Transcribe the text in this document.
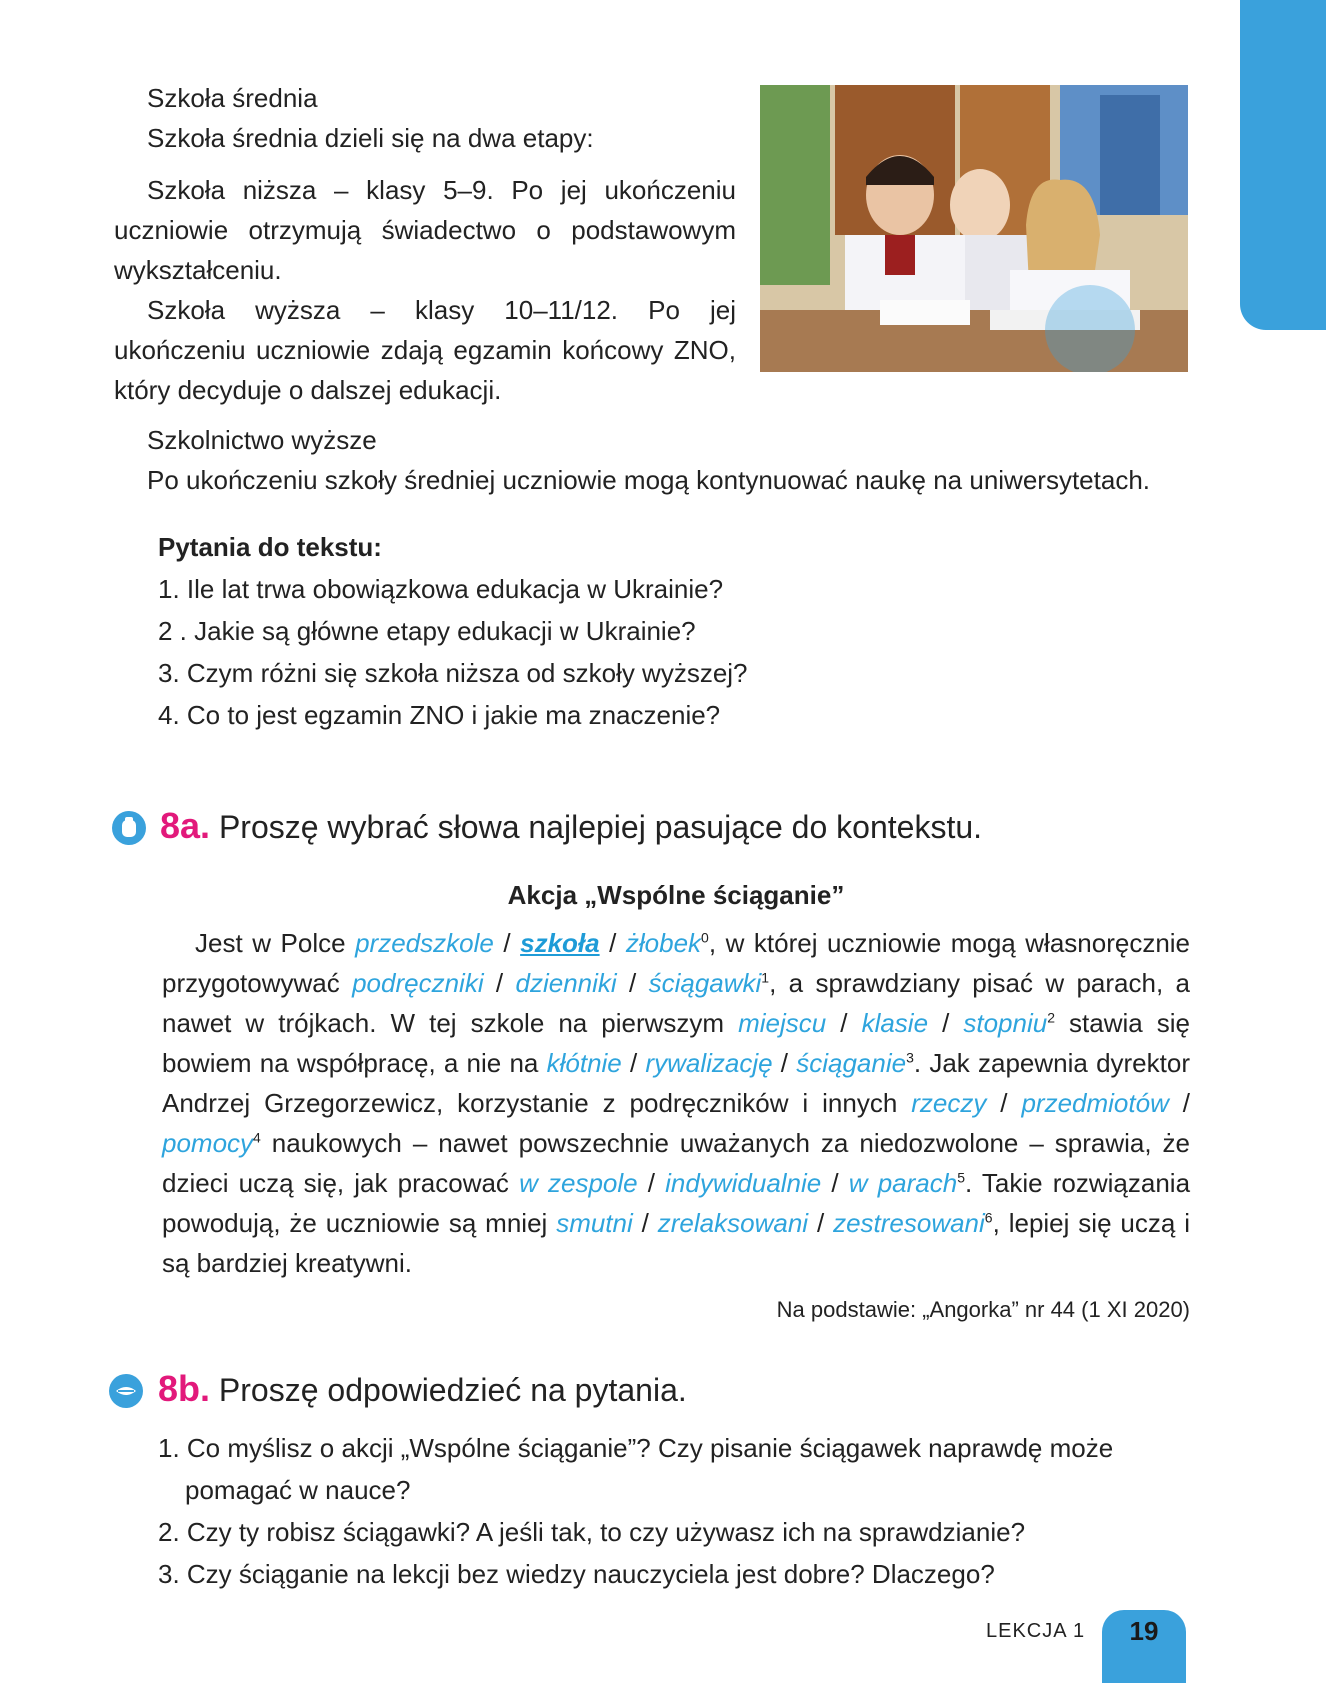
Szkoła średnia
Szkoła średnia dzieli się na dwa etapy:
Szkoła niższa – klasy 5–9. Po jej ukończeniu uczniowie otrzymują świadectwo o podstawowym wykształceniu.
Szkoła wyższa – klasy 10–11/12. Po jej ukończeniu uczniowie zdają egzamin końcowy ZNO, który decyduje o dalszej edukacji.
Szkolnictwo wyższe
Po ukończeniu szkoły średniej uczniowie mogą kontynuować naukę na uniwersytetach.
Pytania do tekstu:
1. Ile lat trwa obowiązkowa edukacja w Ukrainie?
2 . Jakie są główne etapy edukacji w Ukrainie?
3. Czym różni się szkoła niższa od szkoły wyższej?
4. Co to jest egzamin ZNO i jakie ma znaczenie?
8a. Proszę wybrać słowa najlepiej pasujące do kontekstu.
Akcja „Wspólne ściąganie”
Jest w Polce przedszkole / szkoła / żłobek$^0$, w której uczniowie mogą własnoręcznie przygotowywać podręczniki / dzienniki / ściągawki$^1$, a sprawdziany pisać w parach, a nawet w trójkach. W tej szkole na pierwszym miejscu / klasie / stopniu$^2$ stawia się bowiem na współpracę, a nie na kłótnie / rywalizację / ściąganie$^3$. Jak zapewnia dyrektor Andrzej Grzegorzewicz, korzystanie z podręczników i innych rzeczy / przedmiotów / pomocy$^4$ naukowych – nawet powszechnie uważanych za niedozwolone – sprawia, że dzieci uczą się, jak pracować w zespole / indywidualnie / w parach$^5$. Takie rozwiązania powodują, że uczniowie są mniej smutni / zrelaksowani / zestresowani$^6$, lepiej się uczą i są bardziej kreatywni.
Na podstawie: „Angorka” nr 44 (1 XI 2020)
8b. Proszę odpowiedzieć na pytania.
1. Co myślisz o akcji „Wspólne ściąganie”? Czy pisanie ściągawek naprawdę może pomagać w nauce?
2. Czy ty robisz ściągawki? A jeśli tak, to czy używasz ich na sprawdzianie?
3. Czy ściąganie na lekcji bez wiedzy nauczyciela jest dobre? Dlaczego?
LEKCJA 1	19
